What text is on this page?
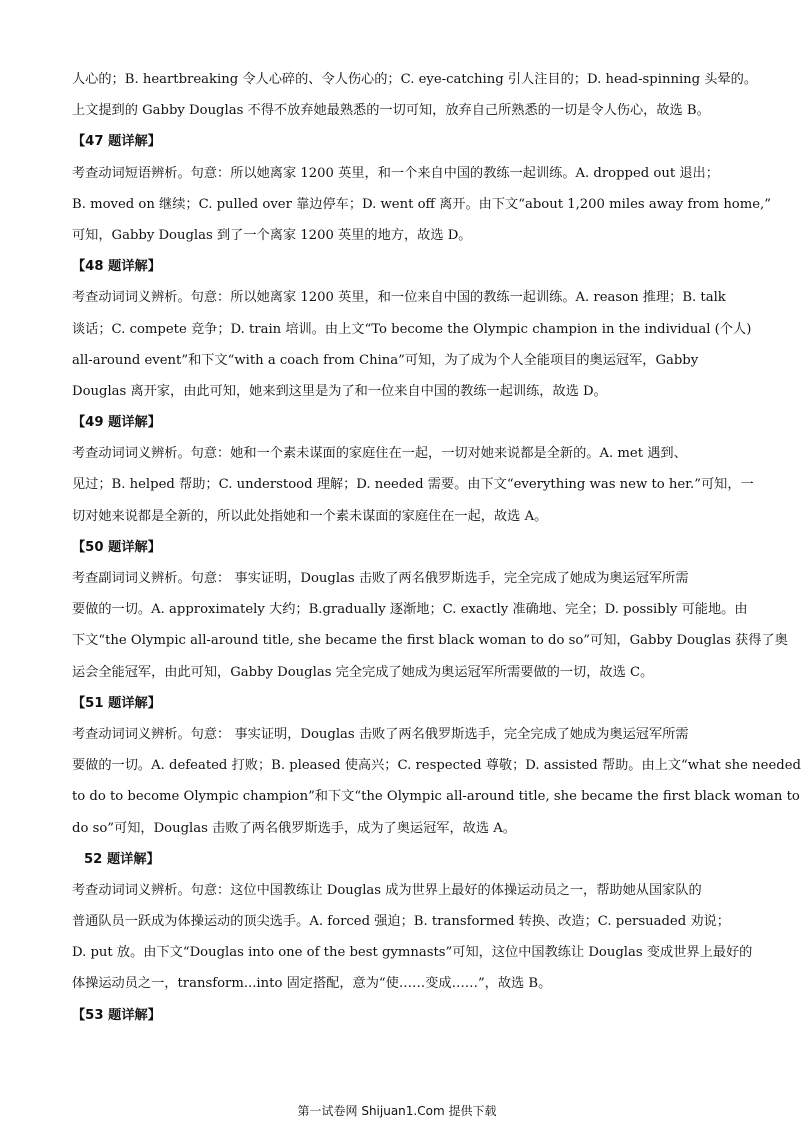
人心的；B. heartbreaking 令人心碎的、令人伤心的；C. eye-catching 引人注目的；D. head-spinning 头晕的。
上文提到的 Gabby Douglas 不得不放弃她最熟悉的一切可知，放弃自己所熟悉的一切是令人伤心，故选 B。
【47 题详解】
考查动词短语辨析。句意：所以她离家 1200 英里，和一个来自中国的教练一起训练。A. dropped out 退出；
B. moved on 继续；C. pulled over 靠边停车；D. went off 离开。由下文“about 1,200 miles away from home,”
可知，Gabby Douglas 到了一个离家 1200 英里的地方，故选 D。
【48 题详解】
考查动词词义辨析。句意：所以她离家 1200 英里，和一位来自中国的教练一起训练。A. reason 推理；B. talk
谈话；C. compete 竞争；D. train 培训。由上文“To become the Olympic champion in the individual (个人)
all-around event”和下文“with a coach from China”可知，为了成为个人全能项目的奥运冠军，Gabby
Douglas 离开家，由此可知，她来到这里是为了和一位来自中国的教练一起训练，故选 D。
【49 题详解】
考查动词词义辨析。句意：她和一个素未谋面的家庭住在一起，一切对她来说都是全新的。A. met 遇到、
见过；B. helped 帮助；C. understood 理解；D. needed 需要。由下文“everything was new to her.”可知，一
切对她来说都是全新的，所以此处指她和一个素未谋面的家庭住在一起，故选 A。
【50 题详解】
考查副词词义辨析。句意： 事实证明，Douglas 击败了两名俄罗斯选手，完全完成了她成为奥运冠军所需
要做的一切。A. approximately 大约；B.gradually 逐渐地；C. exactly 准确地、完全；D. possibly 可能地。由
下文“the Olympic all-around title, she became the first black woman to do so”可知，Gabby Douglas 获得了奥
运会全能冠军，由此可知，Gabby Douglas 完全完成了她成为奥运冠军所需要做的一切，故选 C。
【51 题详解】
考查动词词义辨析。句意： 事实证明，Douglas 击败了两名俄罗斯选手，完全完成了她成为奥运冠军所需
要做的一切。A. defeated 打败；B. pleased 使高兴；C. respected 尊敬；D. assisted 帮助。由上文“what she needed
to do to become Olympic champion”和下文“the Olympic all-around title, she became the first black woman to
do so”可知，Douglas 击败了两名俄罗斯选手，成为了奥运冠军，故选 A。
52 题详解】
考查动词词义辨析。句意：这位中国教练让 Douglas 成为世界上最好的体操运动员之一，帮助她从国家队的
普通队员一跃成为体操运动的顶尖选手。A. forced 强迫；B. transformed 转换、改造；C. persuaded 劝说；
D. put 放。由下文“Douglas into one of the best gymnasts”可知，这位中国教练让 Douglas 变成世界上最好的
体操运动员之一，transform...into 固定搭配，意为“使……变成……”，故选 B。
【53 题详解】
第一试卷网 Shijuan1.Com 提供下载
